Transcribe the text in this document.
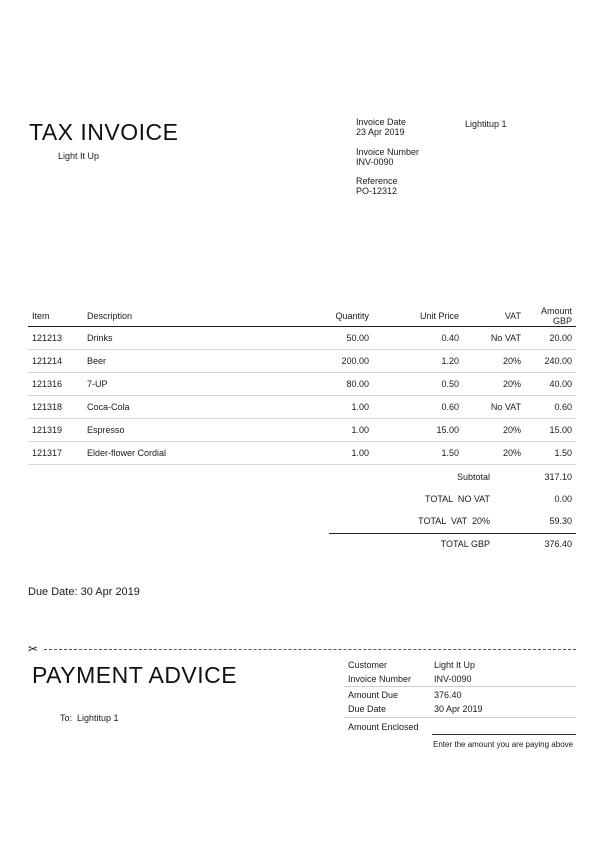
TAX INVOICE
Light It Up
Invoice Date
23 Apr 2019
Invoice Number
INV-0090
Reference
PO-12312
Lightitup 1
Item	Description	Quantity	Unit Price	VAT	Amount GBP
121213	Drinks	50.00	0.40	No VAT	20.00
121214	Beer	200.00	1.20	20%	240.00
121316	7-UP	80.00	0.50	20%	40.00
121318	Coca-Cola	1.00	0.60	No VAT	0.60
121319	Espresso	1.00	15.00	20%	15.00
121317	Elder-flower Cordial	1.00	1.50	20%	1.50
Subtotal	317.10
TOTAL  NO VAT	0.00
TOTAL  VAT  20%	59.30
TOTAL GBP	376.40
Due Date: 30 Apr 2019
✂
PAYMENT ADVICE
To:  Lightitup 1
Customer	Light It Up
Invoice Number	INV-0090
Amount Due	376.40
Due Date	30 Apr 2019
Amount Enclosed
Enter the amount you are paying above
